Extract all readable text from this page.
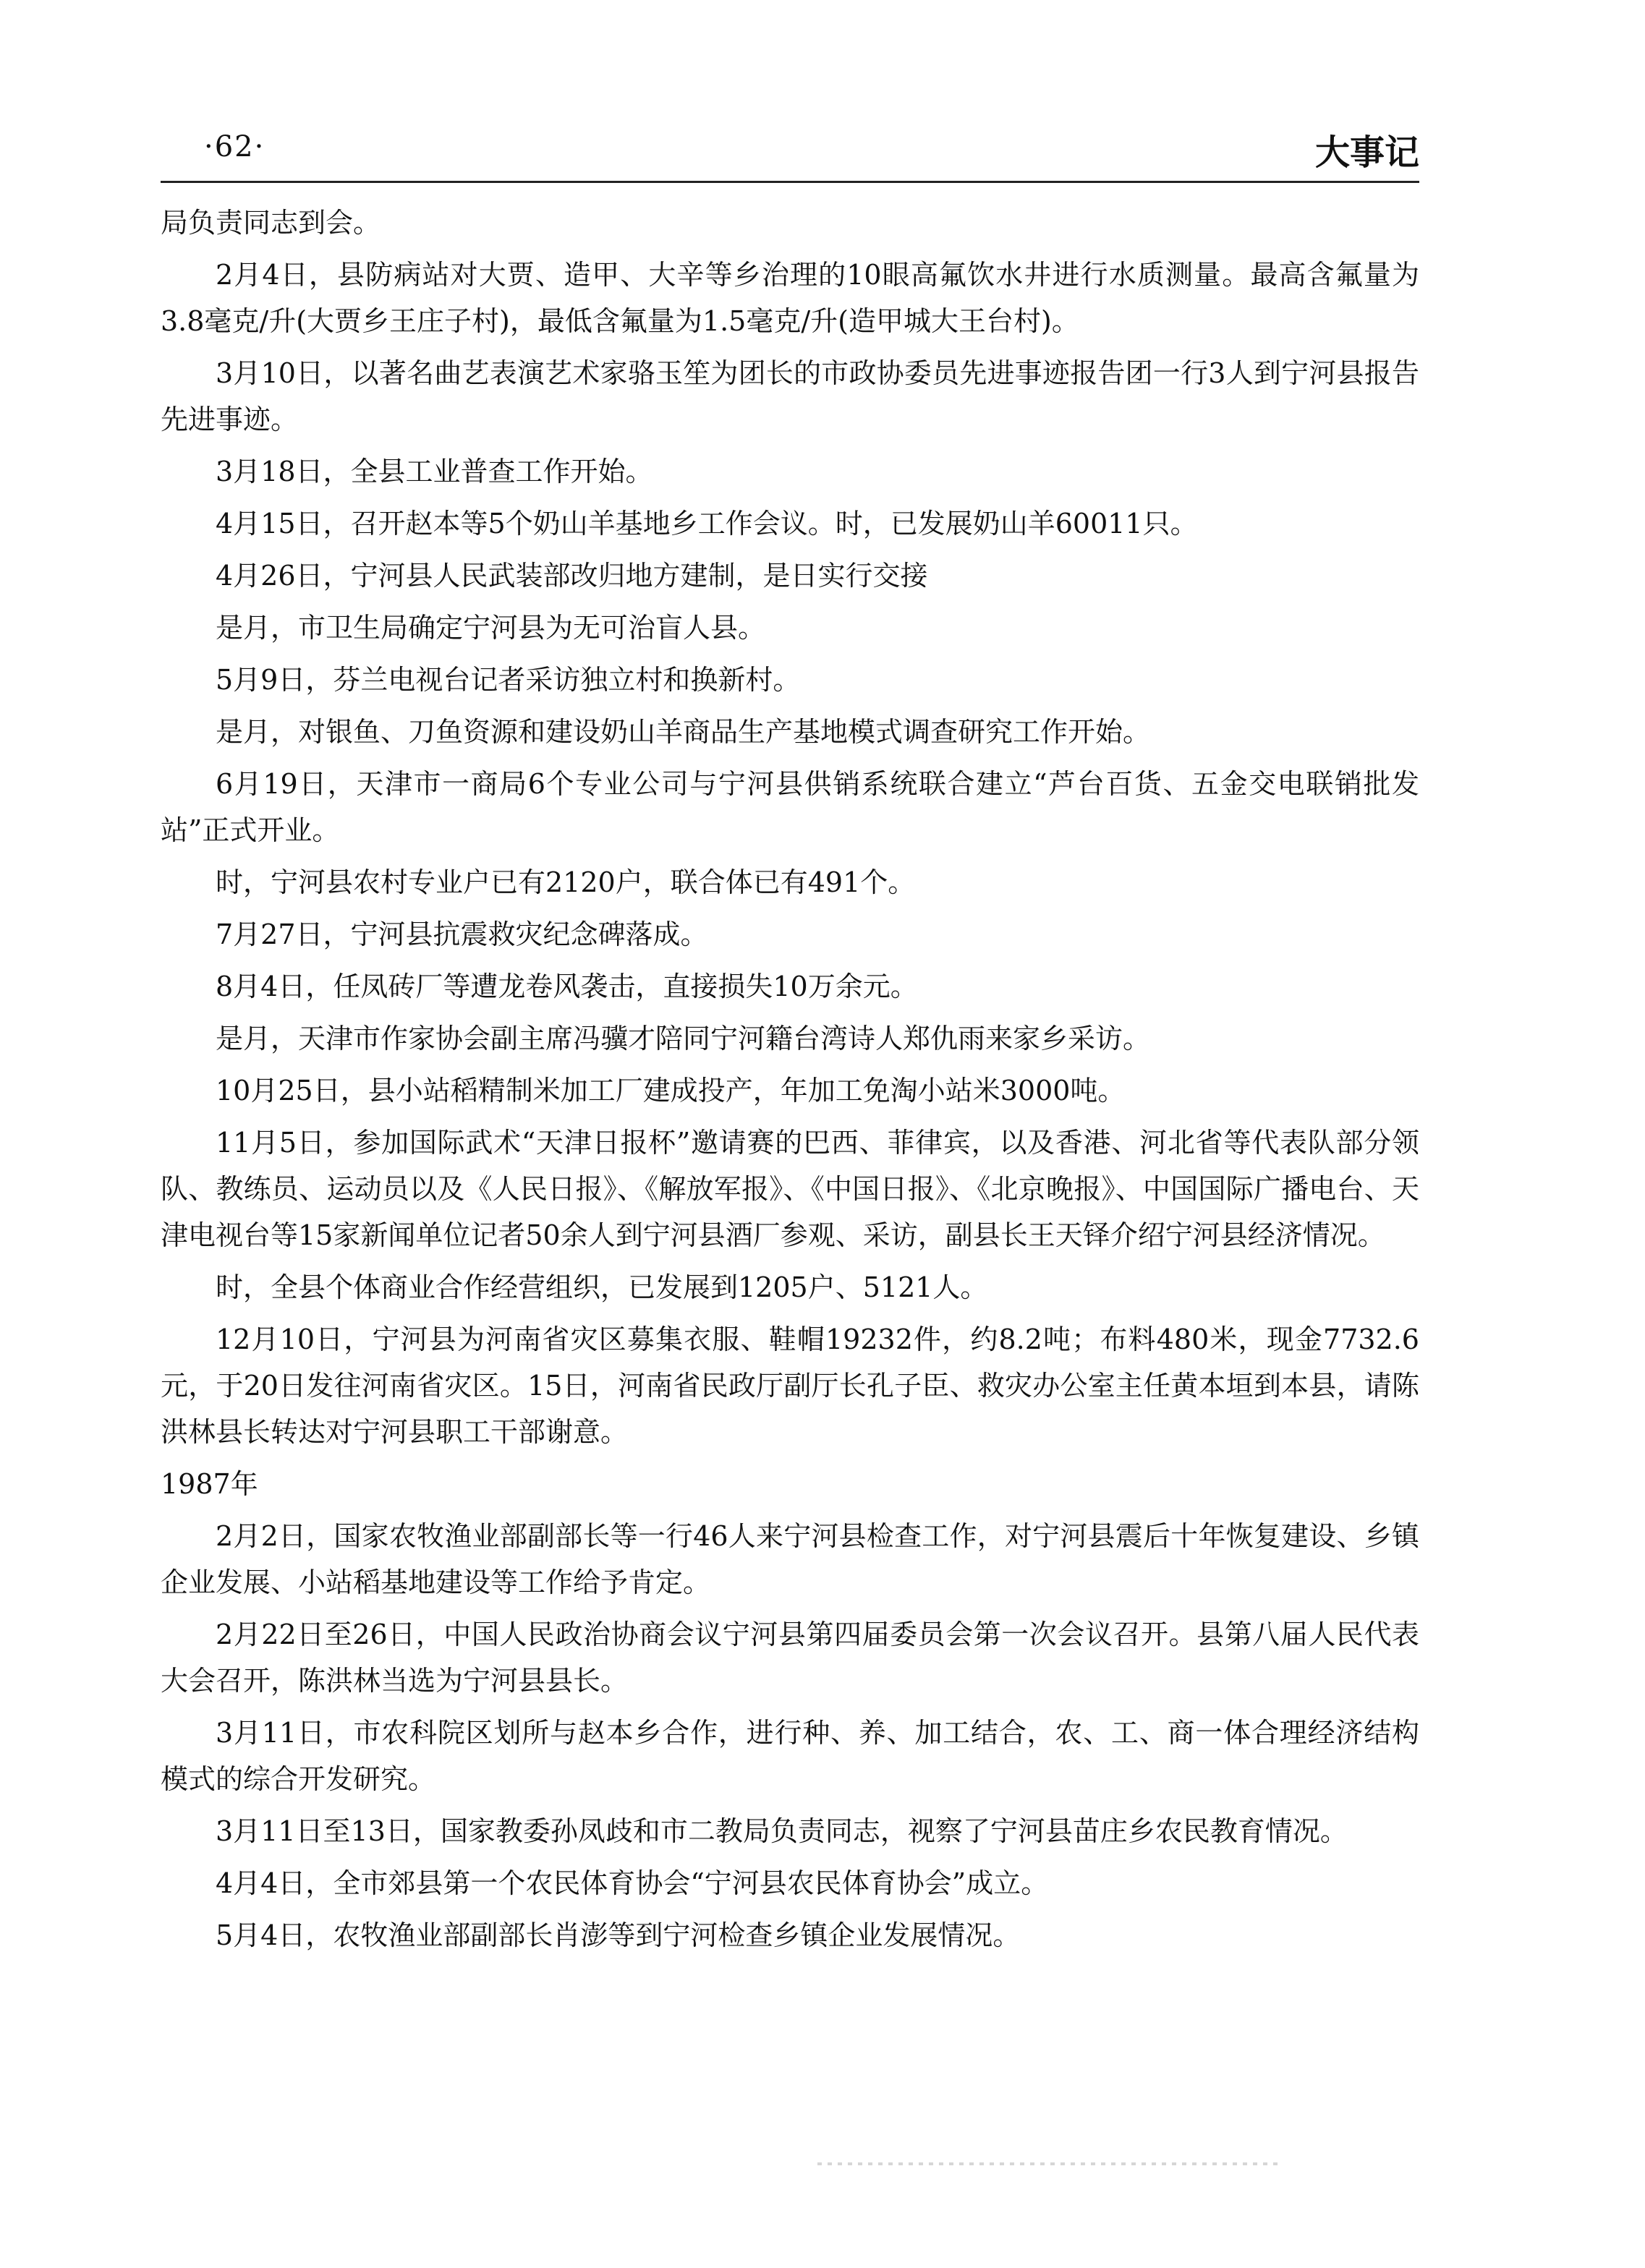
·62·	大事记

局负责同志到会。

2月4日，县防病站对大贾、造甲、大辛等乡治理的10眼高氟饮水井进行水质测量。最高含氟量为3.8毫克/升(大贾乡王庄子村)，最低含氟量为1.5毫克/升(造甲城大王台村)。

3月10日，以著名曲艺表演艺术家骆玉笙为团长的市政协委员先进事迹报告团一行3人到宁河县报告先进事迹。

3月18日，全县工业普查工作开始。

4月15日，召开赵本等5个奶山羊基地乡工作会议。时，已发展奶山羊60011只。

4月26日，宁河县人民武装部改归地方建制，是日实行交接

是月，市卫生局确定宁河县为无可治盲人县。

5月9日，芬兰电视台记者采访独立村和换新村。

是月，对银鱼、刀鱼资源和建设奶山羊商品生产基地模式调查研究工作开始。

6月19日，天津市一商局6个专业公司与宁河县供销系统联合建立“芦台百货、五金交电联销批发站”正式开业。

时，宁河县农村专业户已有2120户，联合体已有491个。

7月27日，宁河县抗震救灾纪念碑落成。

8月4日，任凤砖厂等遭龙卷风袭击，直接损失10万余元。

是月，天津市作家协会副主席冯骥才陪同宁河籍台湾诗人郑仇雨来家乡采访。

10月25日，县小站稻精制米加工厂建成投产，年加工免淘小站米3000吨。

11月5日，参加国际武术“天津日报杯”邀请赛的巴西、菲律宾，以及香港、河北省等代表队部分领队、教练员、运动员以及《人民日报》、《解放军报》、《中国日报》、《北京晚报》、中国国际广播电台、天津电视台等15家新闻单位记者50余人到宁河县酒厂参观、采访，副县长王天铎介绍宁河县经济情况。

时，全县个体商业合作经营组织，已发展到1205户、5121人。

12月10日，宁河县为河南省灾区募集衣服、鞋帽19232件，约8.2吨；布料480米，现金7732.6元，于20日发往河南省灾区。15日，河南省民政厅副厅长孔子臣、救灾办公室主任黄本垣到本县，请陈洪林县长转达对宁河县职工干部谢意。

1987年

2月2日，国家农牧渔业部副部长等一行46人来宁河县检查工作，对宁河县震后十年恢复建设、乡镇企业发展、小站稻基地建设等工作给予肯定。

2月22日至26日，中国人民政治协商会议宁河县第四届委员会第一次会议召开。县第八届人民代表大会召开，陈洪林当选为宁河县县长。

3月11日，市农科院区划所与赵本乡合作，进行种、养、加工结合，农、工、商一体合理经济结构模式的综合开发研究。

3月11日至13日，国家教委孙凤歧和市二教局负责同志，视察了宁河县苗庄乡农民教育情况。

4月4日，全市郊县第一个农民体育协会“宁河县农民体育协会”成立。

5月4日，农牧渔业部副部长肖澎等到宁河检查乡镇企业发展情况。
